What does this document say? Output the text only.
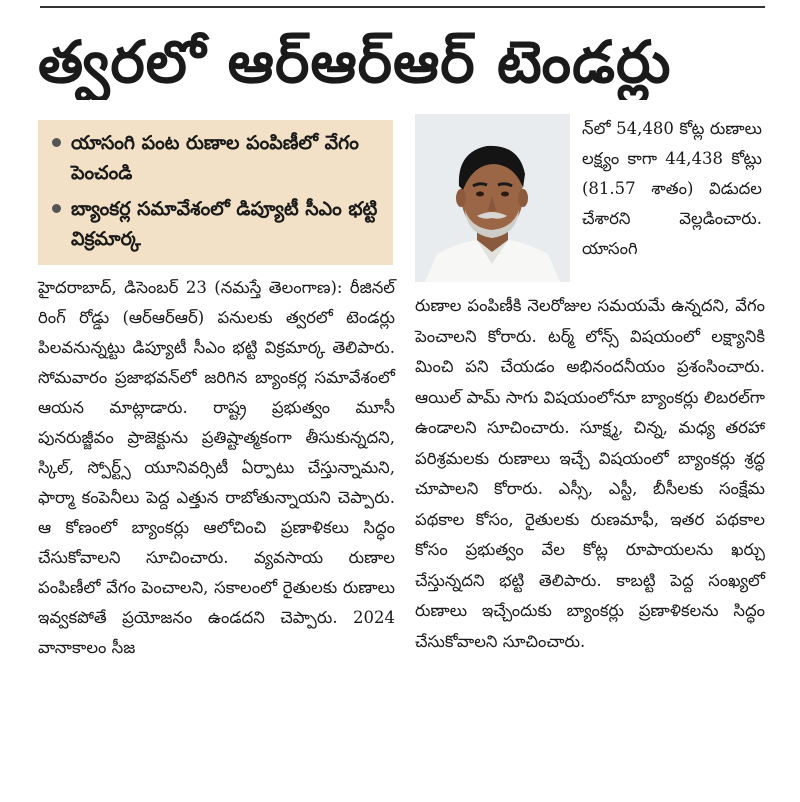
త్వరలో ఆర్‌ఆర్‌ఆర్ టెండర్లు
యాసంగి పంట రుణాల పంపిణీలో వేగం పెంచండి
బ్యాంకర్ల సమావేశంలో డిప్యూటీ సీఎం భట్టి విక్రమార్క
హైదరాబాద్, డిసెంబర్ 23 (నమస్తే తెలంగాణ): రీజినల్ రింగ్ రోడ్డు (ఆర్‌ఆర్‌ఆర్) పనులకు త్వరలో టెండర్లు పిలవనున్నట్టు డిప్యూటీ సీఎం భట్టి విక్రమార్క తెలిపారు. సోమవారం ప్రజాభవన్‌లో జరిగిన బ్యాంకర్ల సమావేశంలో ఆయన మాట్లాడారు. రాష్ట్ర ప్రభుత్వం మూసీ పునరుజ్జీవం ప్రాజెక్టును ప్రతిష్టాత్మకంగా తీసుకున్నదని, స్కిల్, స్పోర్ట్స్ యూనివర్సిటీ ఏర్పాటు చేస్తున్నామని, ఫార్మా కంపెనీలు పెద్ద ఎత్తున రాబోతున్నాయని చెప్పారు. ఆ కోణంలో బ్యాంకర్లు ఆలోచించి ప్రణాళికలు సిద్ధం చేసుకోవాలని సూచించారు. వ్యవసాయ రుణాల పంపిణీలో వేగం పెంచాలని, సకాలంలో రైతులకు రుణాలు ఇవ్వకపోతే ప్రయోజనం ఉండదని చెప్పారు. 2024 వానాకాలం సీజ
న్‌లో 54,480 కోట్ల రుణాలు లక్ష్యం కాగా 44,438 కోట్లు (81.57 శాతం) విడుదల చేశారని వెల్లడించారు. యాసంగి
రుణాల పంపిణీకి నెలరోజుల సమయమే ఉన్నదని, వేగం పెంచాలని కోరారు. టర్మ్ లోన్స్ విషయంలో లక్ష్యానికి మించి పని చేయడం అభినందనీయం ప్రశంసించారు. ఆయిల్ పామ్ సాగు విషయంలోనూ బ్యాంకర్లు లిబరల్‌గా ఉండాలని సూచించారు. సూక్ష్మ, చిన్న, మధ్య తరహా పరిశ్రమలకు రుణాలు ఇచ్చే విషయంలో బ్యాంకర్లు శ్రద్ధ చూపాలని కోరారు. ఎస్సీ, ఎస్టీ, బీసీలకు సంక్షేమ పథకాల కోసం, రైతులకు రుణమాఫీ, ఇతర పథకాల కోసం ప్రభుత్వం వేల కోట్ల రూపాయలను ఖర్చు చేస్తున్నదని భట్టి తెలిపారు. కాబట్టి పెద్ద సంఖ్యలో రుణాలు ఇచ్చేందుకు బ్యాంకర్లు ప్రణాళికలను సిద్ధం చేసుకోవాలని సూచించారు.
